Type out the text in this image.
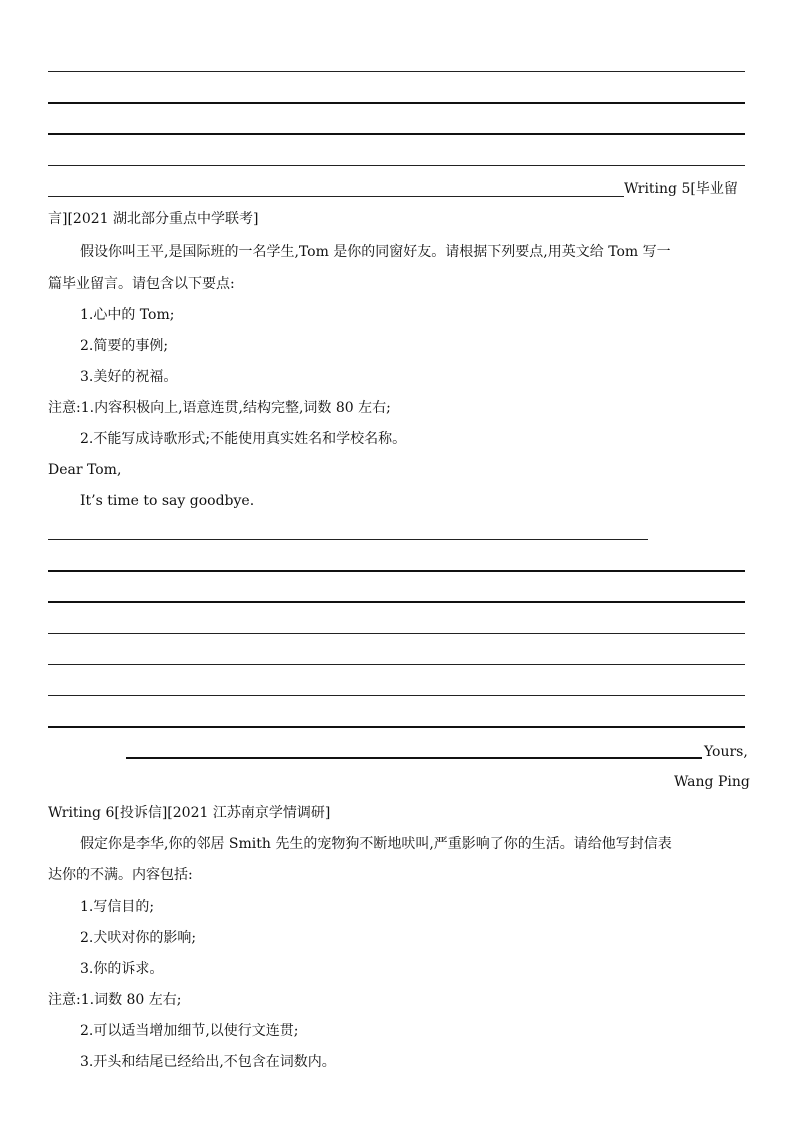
Writing 5[毕业留
言][2021 湖北部分重点中学联考]
假设你叫王平,是国际班的一名学生,Tom 是你的同窗好友。请根据下列要点,用英文给 Tom 写一
篇毕业留言。请包含以下要点:
1.心中的 Tom;
2.简要的事例;
3.美好的祝福。
注意:1.内容积极向上,语意连贯,结构完整,词数 80 左右;
2.不能写成诗歌形式;不能使用真实姓名和学校名称。
Dear Tom,
It’s time to say goodbye.
Yours,
Wang Ping
Writing 6[投诉信][2021 江苏南京学情调研]
假定你是李华,你的邻居 Smith 先生的宠物狗不断地吠叫,严重影响了你的生活。请给他写封信表
达你的不满。内容包括:
1.写信目的;
2.犬吠对你的影响;
3.你的诉求。
注意:1.词数 80 左右;
2.可以适当增加细节,以使行文连贯;
3.开头和结尾已经给出,不包含在词数内。
